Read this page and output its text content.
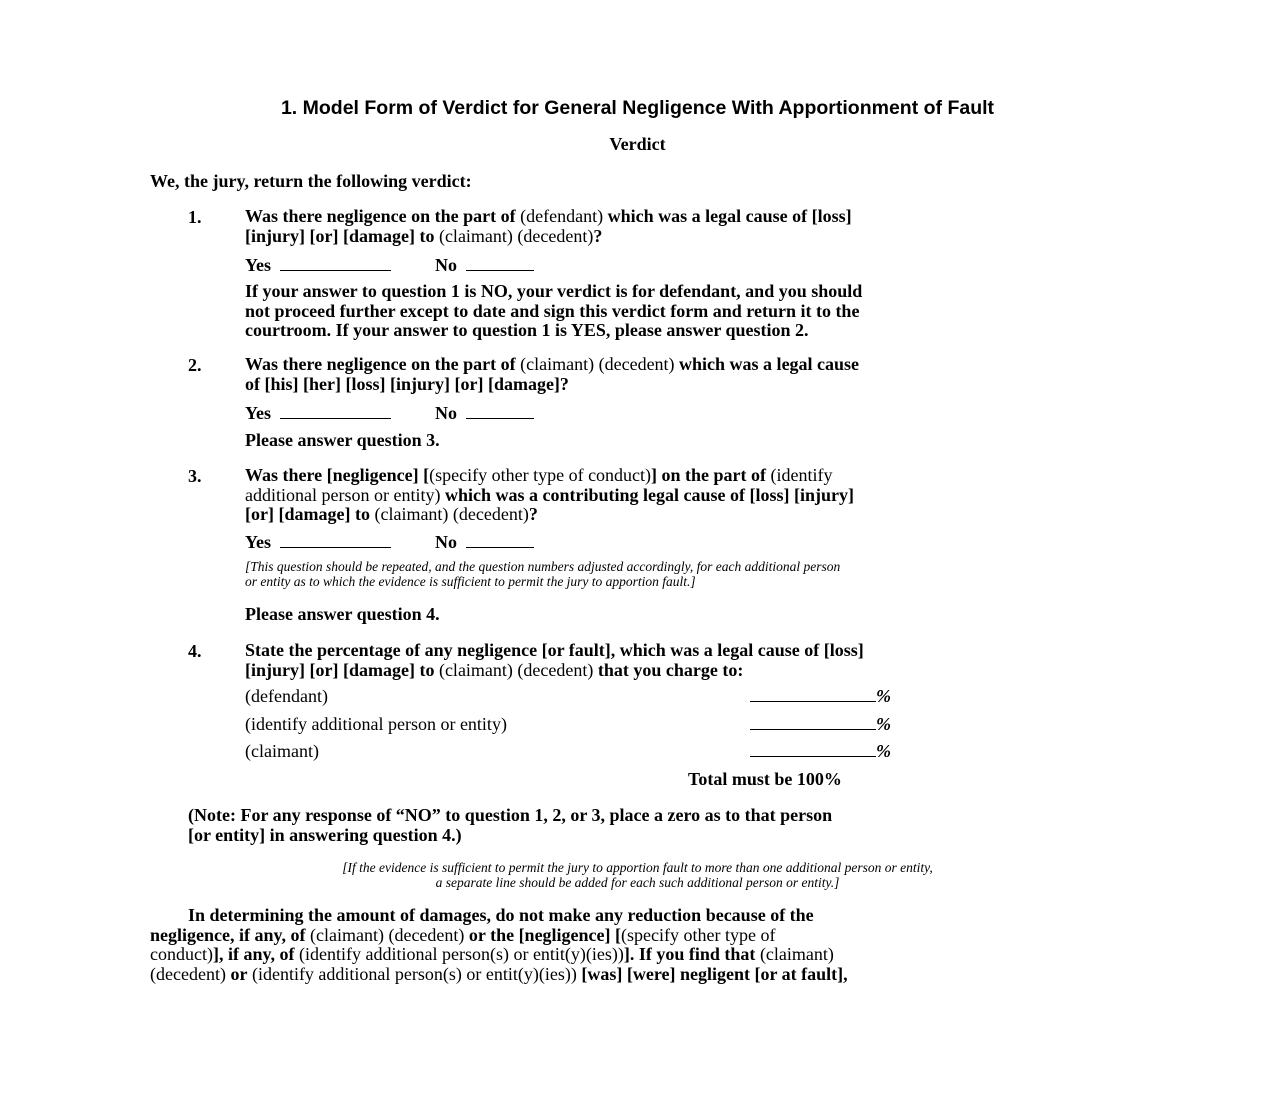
1. Model Form of Verdict for General Negligence With Apportionment of Fault
Verdict
We, the jury, return the following verdict:
1. Was there negligence on the part of (defendant) which was a legal cause of [loss]
[injury] [or] [damage] to (claimant) (decedent)?
Yes	No
If your answer to question 1 is NO, your verdict is for defendant, and you should
not proceed further except to date and sign this verdict form and return it to the
courtroom. If your answer to question 1 is YES, please answer question 2.
2. Was there negligence on the part of (claimant) (decedent) which was a legal cause
of [his] [her] [loss] [injury] [or] [damage]?
Yes	No
Please answer question 3.
3. Was there [negligence] [(specify other type of conduct)] on the part of (identify
additional person or entity) which was a contributing legal cause of [loss] [injury]
[or] [damage] to (claimant) (decedent)?
Yes	No
[This question should be repeated, and the question numbers adjusted accordingly, for each additional person
or entity as to which the evidence is sufficient to permit the jury to apportion fault.]
Please answer question 4.
4. State the percentage of any negligence [or fault], which was a legal cause of [loss]
[injury] [or] [damage] to (claimant) (decedent) that you charge to:
(defendant)	%
(identify additional person or entity)	%
(claimant)	%
Total must be 100%
(Note: For any response of “NO” to question 1, 2, or 3, place a zero as to that person
[or entity] in answering question 4.)
[If the evidence is sufficient to permit the jury to apportion fault to more than one additional person or entity,
a separate line should be added for each such additional person or entity.]
In determining the amount of damages, do not make any reduction because of the
negligence, if any, of (claimant) (decedent) or the [negligence] [(specify other type of
conduct)], if any, of (identify additional person(s) or entit(y)(ies))]. If you find that (claimant)
(decedent) or (identify additional person(s) or entit(y)(ies)) [was] [were] negligent [or at fault],
